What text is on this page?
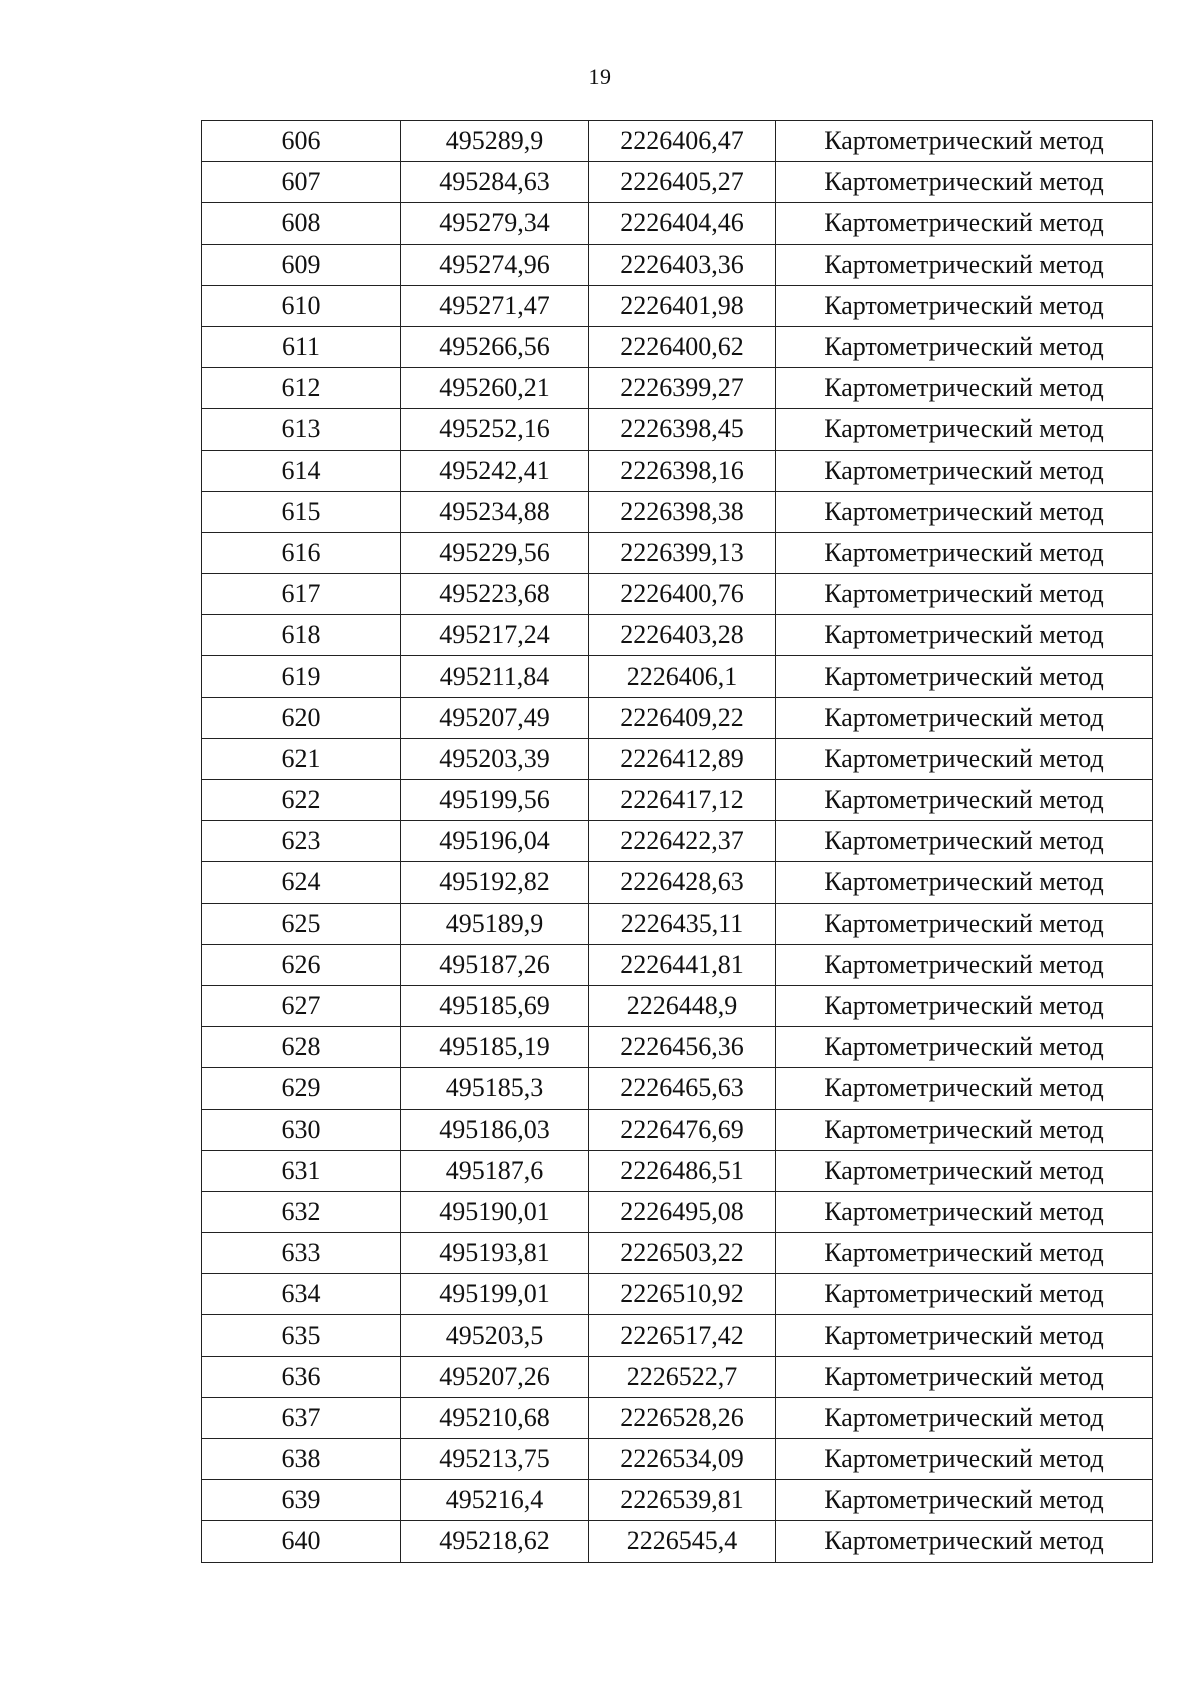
19
606	495289,9	2226406,47	Картометрический метод
607	495284,63	2226405,27	Картометрический метод
608	495279,34	2226404,46	Картометрический метод
609	495274,96	2226403,36	Картометрический метод
610	495271,47	2226401,98	Картометрический метод
611	495266,56	2226400,62	Картометрический метод
612	495260,21	2226399,27	Картометрический метод
613	495252,16	2226398,45	Картометрический метод
614	495242,41	2226398,16	Картометрический метод
615	495234,88	2226398,38	Картометрический метод
616	495229,56	2226399,13	Картометрический метод
617	495223,68	2226400,76	Картометрический метод
618	495217,24	2226403,28	Картометрический метод
619	495211,84	2226406,1	Картометрический метод
620	495207,49	2226409,22	Картометрический метод
621	495203,39	2226412,89	Картометрический метод
622	495199,56	2226417,12	Картометрический метод
623	495196,04	2226422,37	Картометрический метод
624	495192,82	2226428,63	Картометрический метод
625	495189,9	2226435,11	Картометрический метод
626	495187,26	2226441,81	Картометрический метод
627	495185,69	2226448,9	Картометрический метод
628	495185,19	2226456,36	Картометрический метод
629	495185,3	2226465,63	Картометрический метод
630	495186,03	2226476,69	Картометрический метод
631	495187,6	2226486,51	Картометрический метод
632	495190,01	2226495,08	Картометрический метод
633	495193,81	2226503,22	Картометрический метод
634	495199,01	2226510,92	Картометрический метод
635	495203,5	2226517,42	Картометрический метод
636	495207,26	2226522,7	Картометрический метод
637	495210,68	2226528,26	Картометрический метод
638	495213,75	2226534,09	Картометрический метод
639	495216,4	2226539,81	Картометрический метод
640	495218,62	2226545,4	Картометрический метод
